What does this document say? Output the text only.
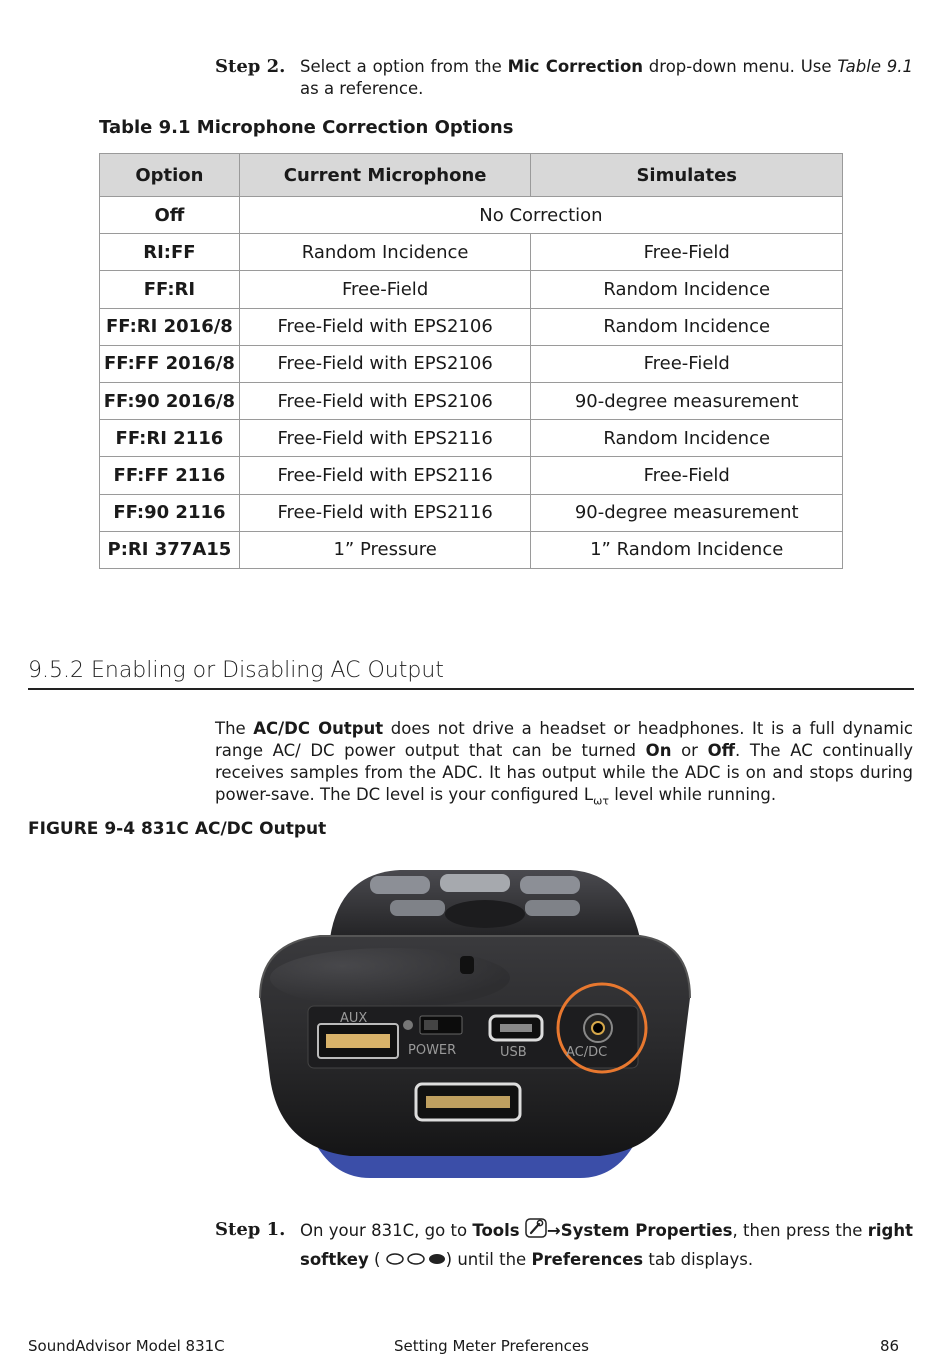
Step 2. Select a option from the Mic Correction drop-down menu. Use Table 9.1 as a reference.
Table 9.1 Microphone Correction Options
Option	Current Microphone	Simulates
Off	No Correction	
RI:FF	Random Incidence	Free-Field
FF:RI	Free-Field	Random Incidence
FF:RI 2016/8	Free-Field with EPS2106	Random Incidence
FF:FF 2016/8	Free-Field with EPS2106	Free-Field
FF:90 2016/8	Free-Field with EPS2106	90-degree measurement
FF:RI 2116	Free-Field with EPS2116	Random Incidence
FF:FF 2116	Free-Field with EPS2116	Free-Field
FF:90 2116	Free-Field with EPS2116	90-degree measurement
P:RI 377A15	1” Pressure	1” Random Incidence
9.5.2 Enabling or Disabling AC Output
The AC/DC Output does not drive a headset or headphones. It is a full dynamic range AC/ DC power output that can be turned On or Off. The AC continually receives samples from the ADC. It has output while the ADC is on and stops during power-save. The DC level is your configured $L_{\omega\tau}$ level while running.
FIGURE 9-4 831C AC/DC Output
AUX
POWER	USB	AC/DC
Step 1. On your 831C, go to Tools →System Properties, then press the right softkey (	) until the Preferences tab displays.
SoundAdvisor Model 831C	Setting Meter Preferences	86
